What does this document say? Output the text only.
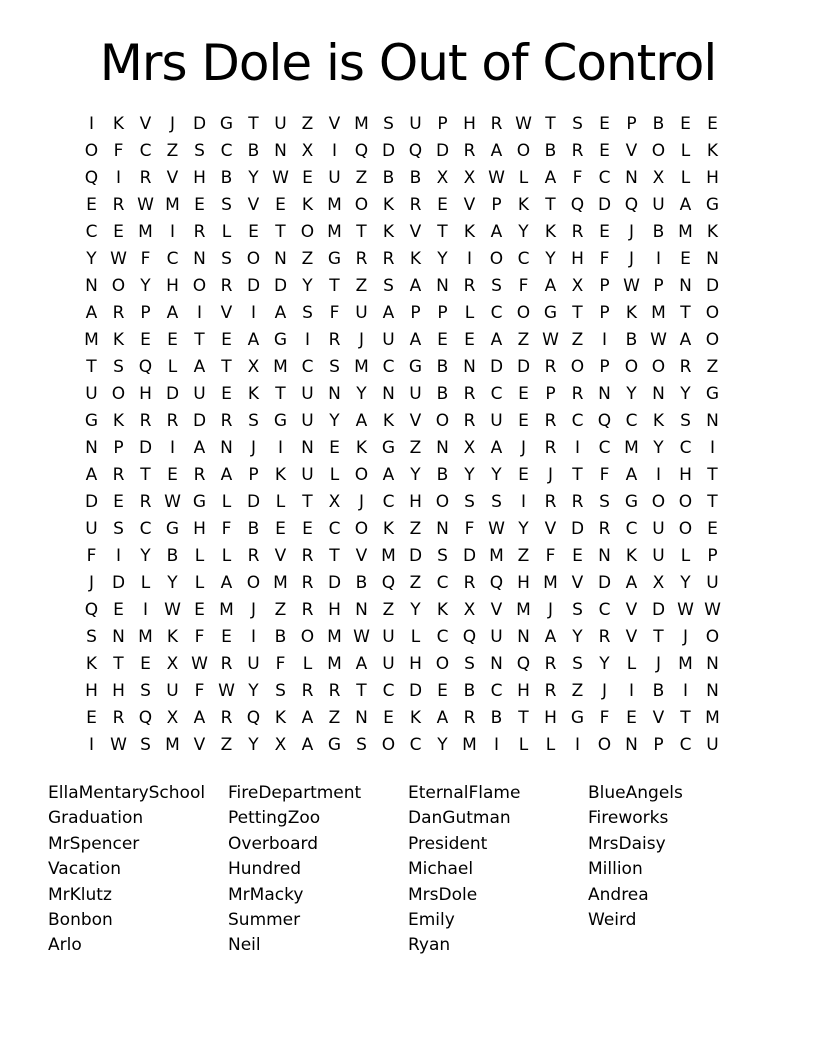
Mrs Dole is Out of Control
I	K V	J	D G T U Z V M S U P H R W T S E P B E E
O F C Z S C B N X	I	Q D Q D R A O B R E V O L K
Q	I	R V H B Y W E U Z B B X X W L A F C N X L H
E R W M E S V E K M O K R E V P K T Q D Q U A G
C E M	I	R L E T O M T K V T K A Y K R E	J	B M K
Y W F C N S O N Z G R R K Y	I	O C Y H F	J	I	E N
N O Y H O R D D Y T Z S A N R S F A X P W P N D
A R P A	I	V	I	A S F U A P P	L C O G T P K M T O
M K E E T E A G	I	R	J	U A E E A Z W Z	I	B W A O
T S Q L A T X M C S M C G B N D D R O P O O R Z
U O H D U E K T U N Y N U B R C E P R N Y N Y G
G K R R D R S G U Y A K V O R U E R C Q C K S N
N P D	I	A N	J	I	N E K G Z N X A	J	R	I	C M Y C	I
A R T E R A P K U L O A Y B Y Y E	J	T F A	I	H T
D E R W G L D L	T X	J	C H O S S	I	R R S G O O T
U S C G H F B E E C O K Z N F W Y V D R C U O E
F	I	Y B L	L R V R T V M D S D M Z F E N K U L	P
J	D L	Y	L A O M R D B Q Z C R Q H M V D A X Y U
Q E	I W E M	J	Z R H N Z Y K X V M	J	S C V D W W
S N M K F E	I	B O M W U L C Q U N A Y R V T	J	O
K T E X W R U F	L M A U H O S N Q R S Y	L	J	M N
H H S U F W Y S R R T C D E B C H R Z	J	I	B	I	N
E R Q X A R Q K A Z N E K A R B T H G F E V T M
I W S M V Z Y X A G S O C Y M	I	L	L	I	O N P C U
EllaMentarySchool
Graduation
MrSpencer
Vacation
MrKlutz
Bonbon
Arlo
FireDepartment
PettingZoo
Overboard
Hundred
MrMacky
Summer
Neil
EternalFlame
DanGutman
President
Michael
MrsDole
Emily
Ryan
BlueAngels
Fireworks
MrsDaisy
Million
Andrea
Weird
